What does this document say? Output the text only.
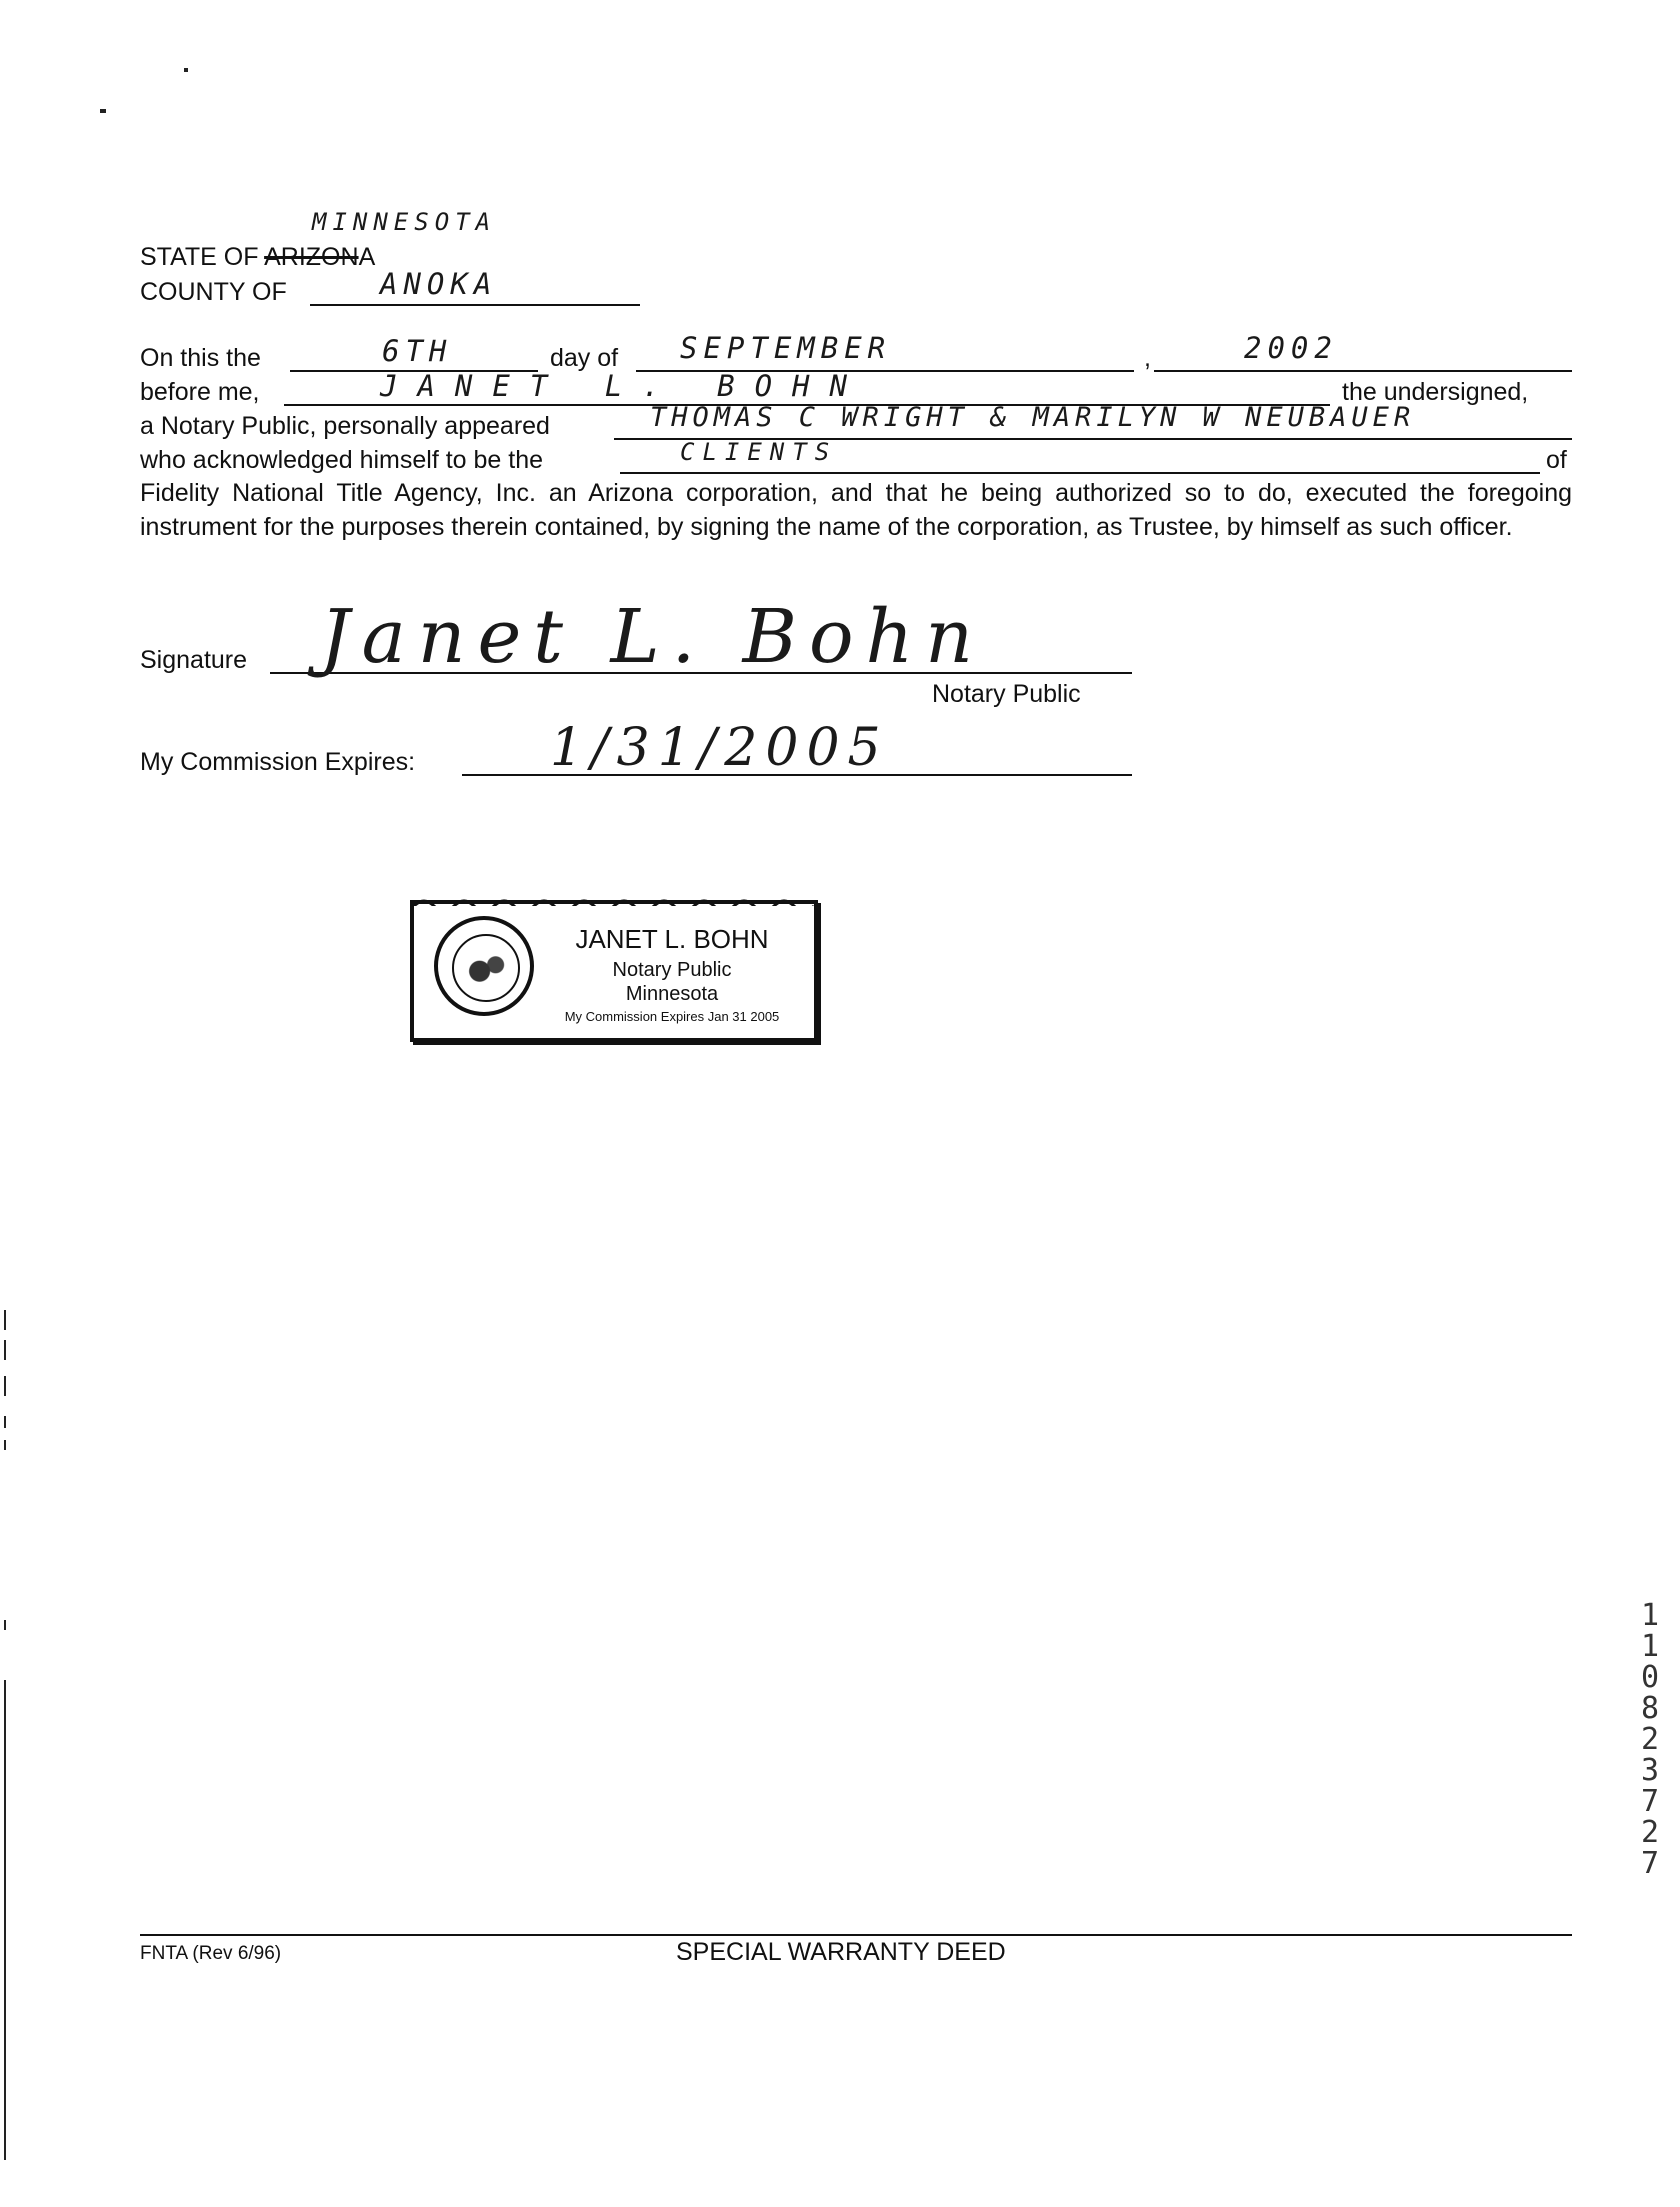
MINNESOTA
STATE OF ARIZONA
COUNTY OF	ANOKA
On this the	6TH	day of SEPTEMBER	,	2002
before me,	JANET L. BOHN	the undersigned,
a Notary Public, personally appeared	THOMAS C WRIGHT & MARILYN W NEUBAUER
who acknowledged himself to be the	CLIENTS	of
Fidelity National Title Agency, Inc. an Arizona corporation, and that he being authorized so to do, executed the foregoing instrument for the purposes therein contained, by signing the name of the corporation, as Trustee, by himself as such officer.
Signature Janet L. Bohn
Notary Public
My Commission Expires:	1/31/2005
JANET L. BOHN
Notary Public
Minnesota
My Commission Expires Jan 31 2005
11082 3727
FNTA (Rev 6/96)	SPECIAL WARRANTY DEED
